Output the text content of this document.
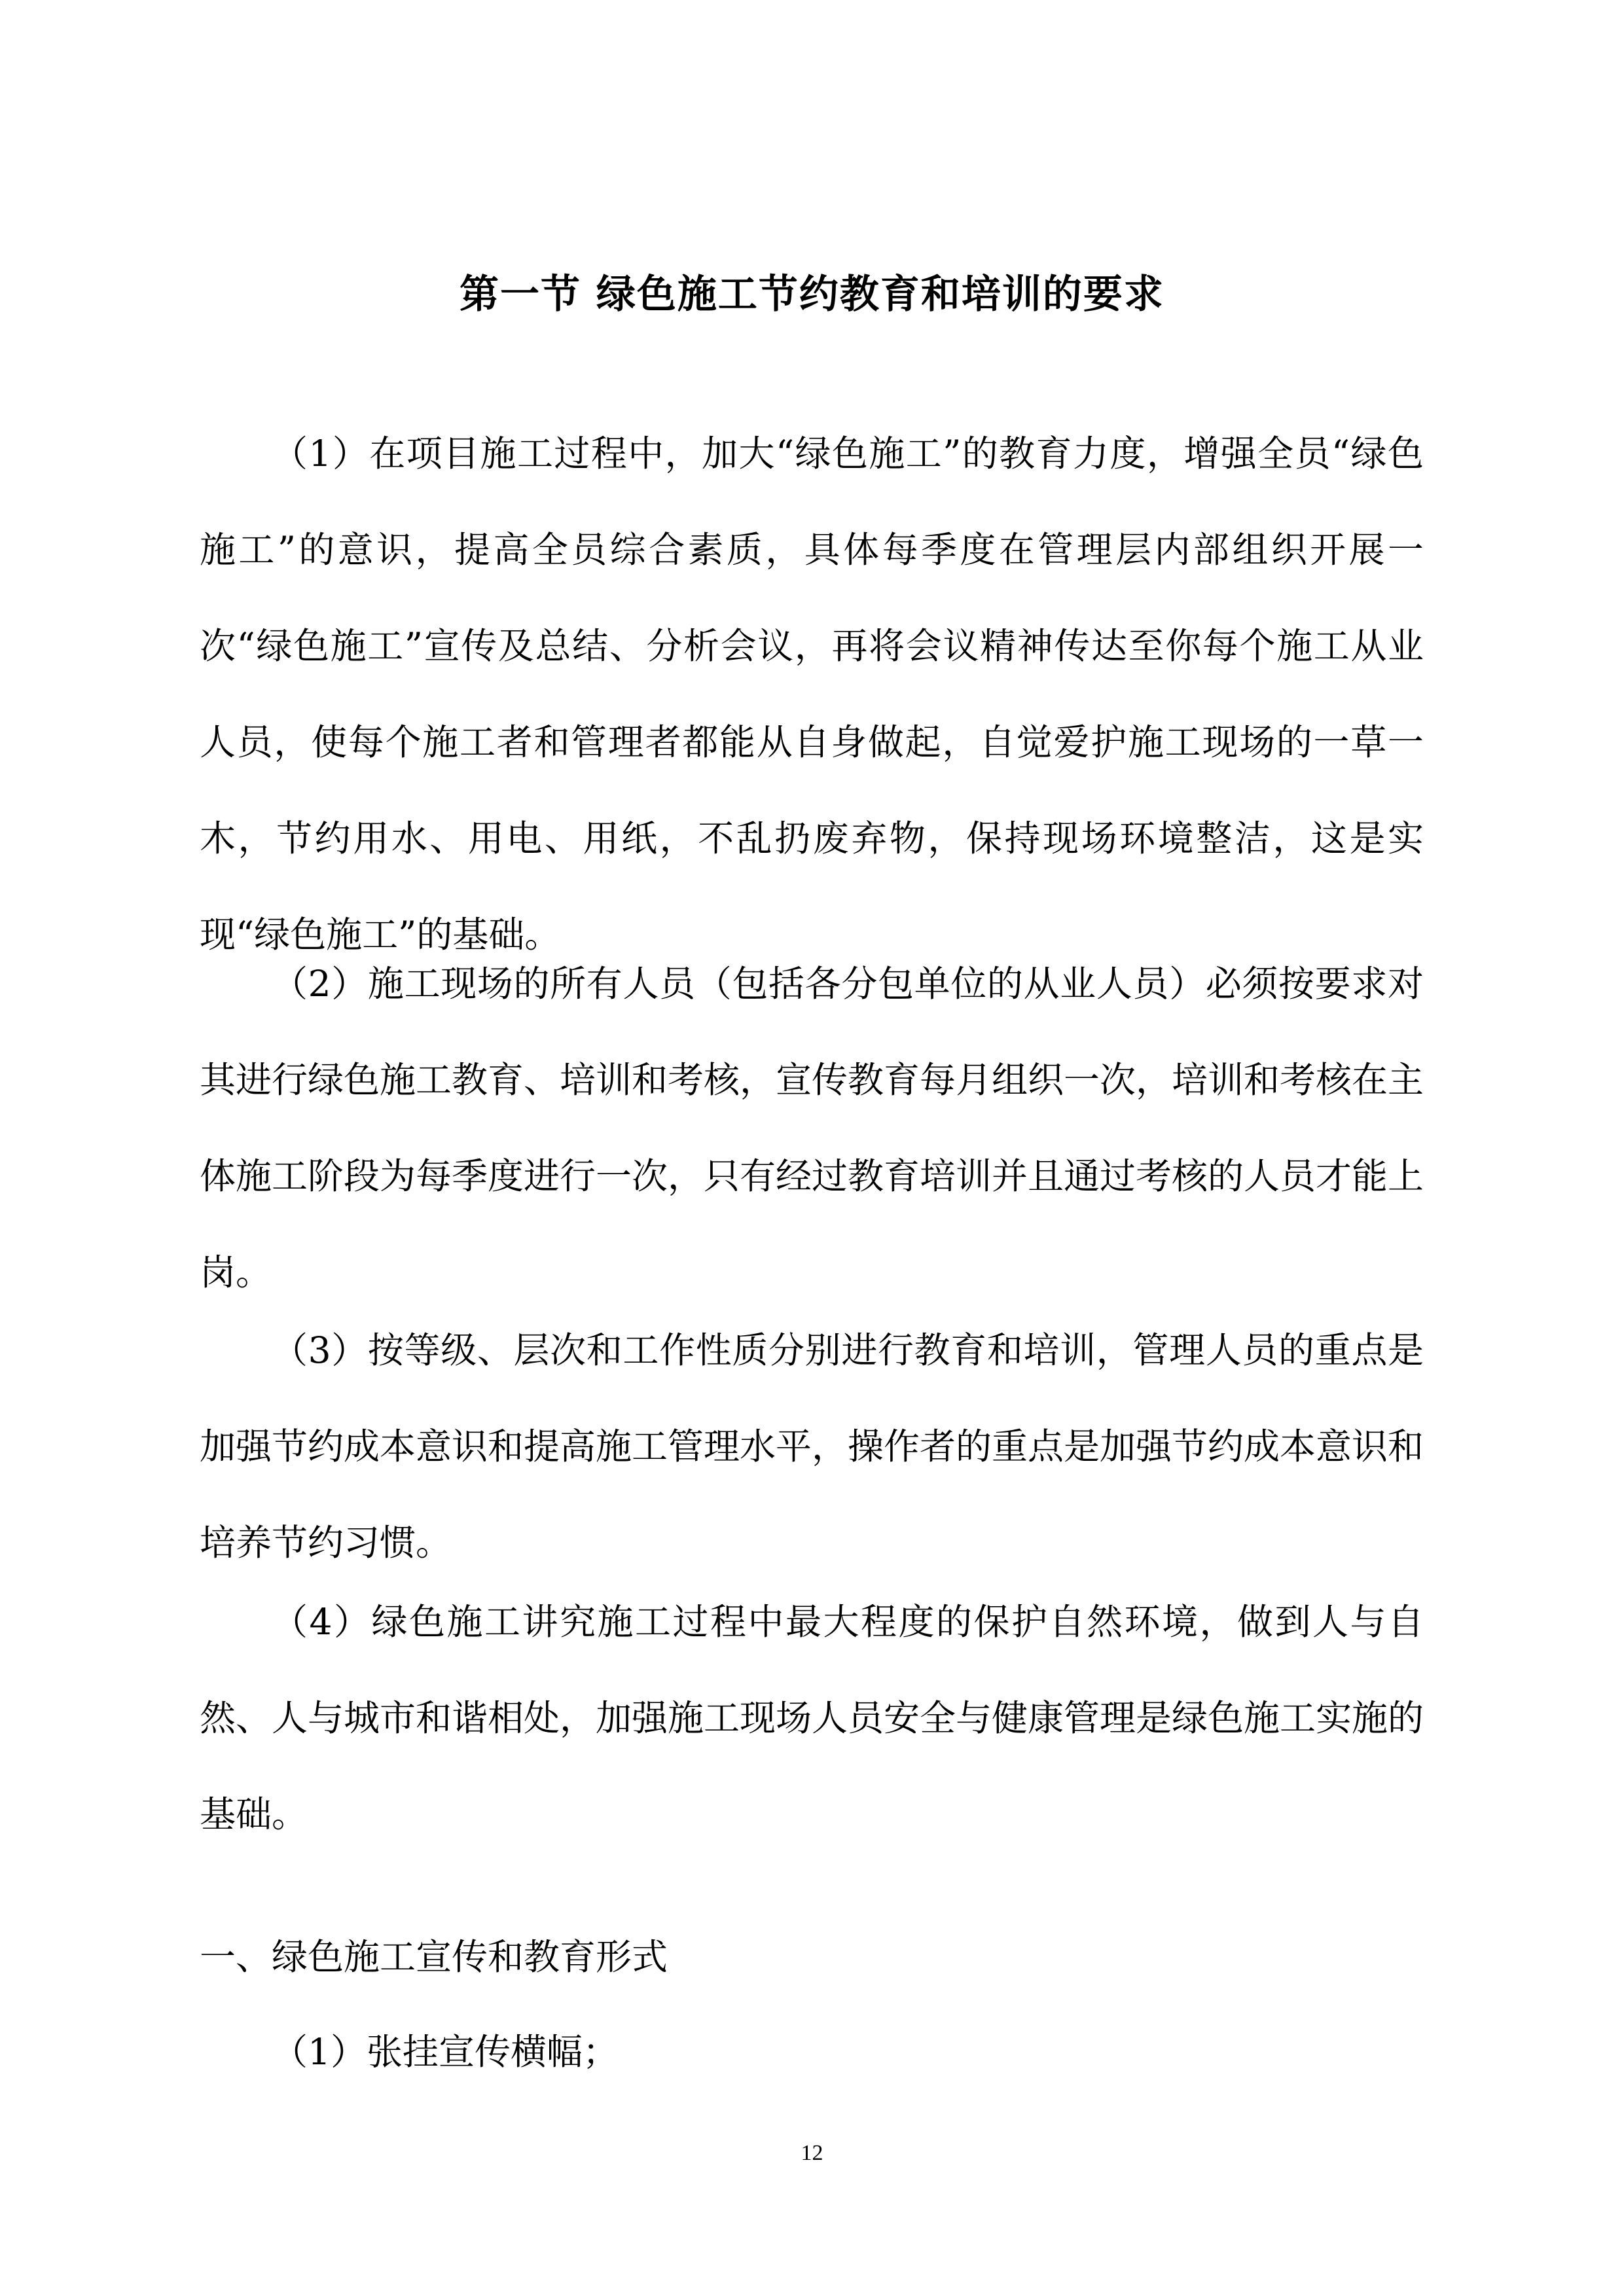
第一节 绿色施工节约教育和培训的要求

（1）在项目施工过程中，加大“绿色施工”的教育力度，增强全员“绿色施工”的意识，提高全员综合素质，具体每季度在管理层内部组织开展一次“绿色施工”宣传及总结、分析会议，再将会议精神传达至你每个施工从业人员，使每个施工者和管理者都能从自身做起，自觉爱护施工现场的一草一木，节约用水、用电、用纸，不乱扔废弃物，保持现场环境整洁，这是实现“绿色施工”的基础。

（2）施工现场的所有人员（包括各分包单位的从业人员）必须按要求对其进行绿色施工教育、培训和考核，宣传教育每月组织一次，培训和考核在主体施工阶段为每季度进行一次，只有经过教育培训并且通过考核的人员才能上岗。

（3）按等级、层次和工作性质分别进行教育和培训，管理人员的重点是加强节约成本意识和提高施工管理水平，操作者的重点是加强节约成本意识和培养节约习惯。

（4）绿色施工讲究施工过程中最大程度的保护自然环境，做到人与自然、人与城市和谐相处，加强施工现场人员安全与健康管理是绿色施工实施的基础。

一、绿色施工宣传和教育形式

（1）张挂宣传横幅；

12
